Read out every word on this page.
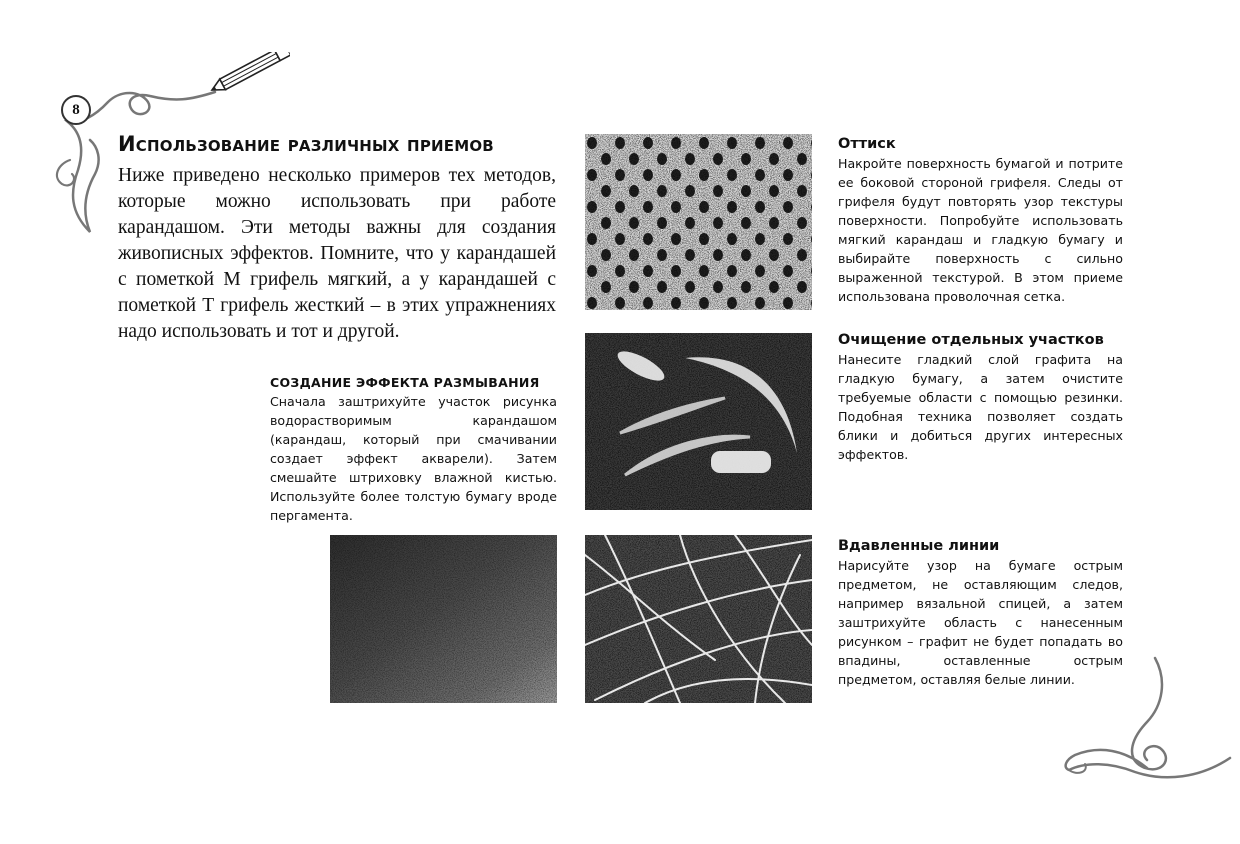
8
Использование различных приемов

Ниже приведено несколько примеров тех методов, которые можно использовать при работе карандашом. Эти методы важны для создания живописных эффектов. Помните, что у карандашей с пометкой М грифель мягкий, а у карандашей с пометкой Т грифель жесткий – в этих упражнениях надо использовать и тот и другой.

СОЗДАНИЕ ЭФФЕКТА РАЗМЫВАНИЯ

Сначала заштрихуйте участок рисунка водорастворимым карандашом (карандаш, который при смачивании создает эффект акварели). Затем смешайте штриховку влажной кистью. Используйте более толстую бумагу вроде пергамента.

Оттиск

Накройте поверхность бумагой и потрите ее боковой стороной грифеля. Следы от грифеля будут повторять узор текстуры поверхности. Попробуйте использовать мягкий карандаш и гладкую бумагу и выбирайте поверхность с сильно выраженной текстурой. В этом приеме использована проволочная сетка.

Очищение отдельных участков

Нанесите гладкий слой графита на гладкую бумагу, а затем очистите требуемые области с помощью резинки. Подобная техника позволяет создать блики и добиться других интересных эффектов.

Вдавленные линии

Нарисуйте узор на бумаге острым предметом, не оставляющим следов, например вязальной спицей, а затем заштрихуйте область с нанесенным рисунком – графит не будет попадать во впадины, оставленные острым предметом, оставляя белые линии.
